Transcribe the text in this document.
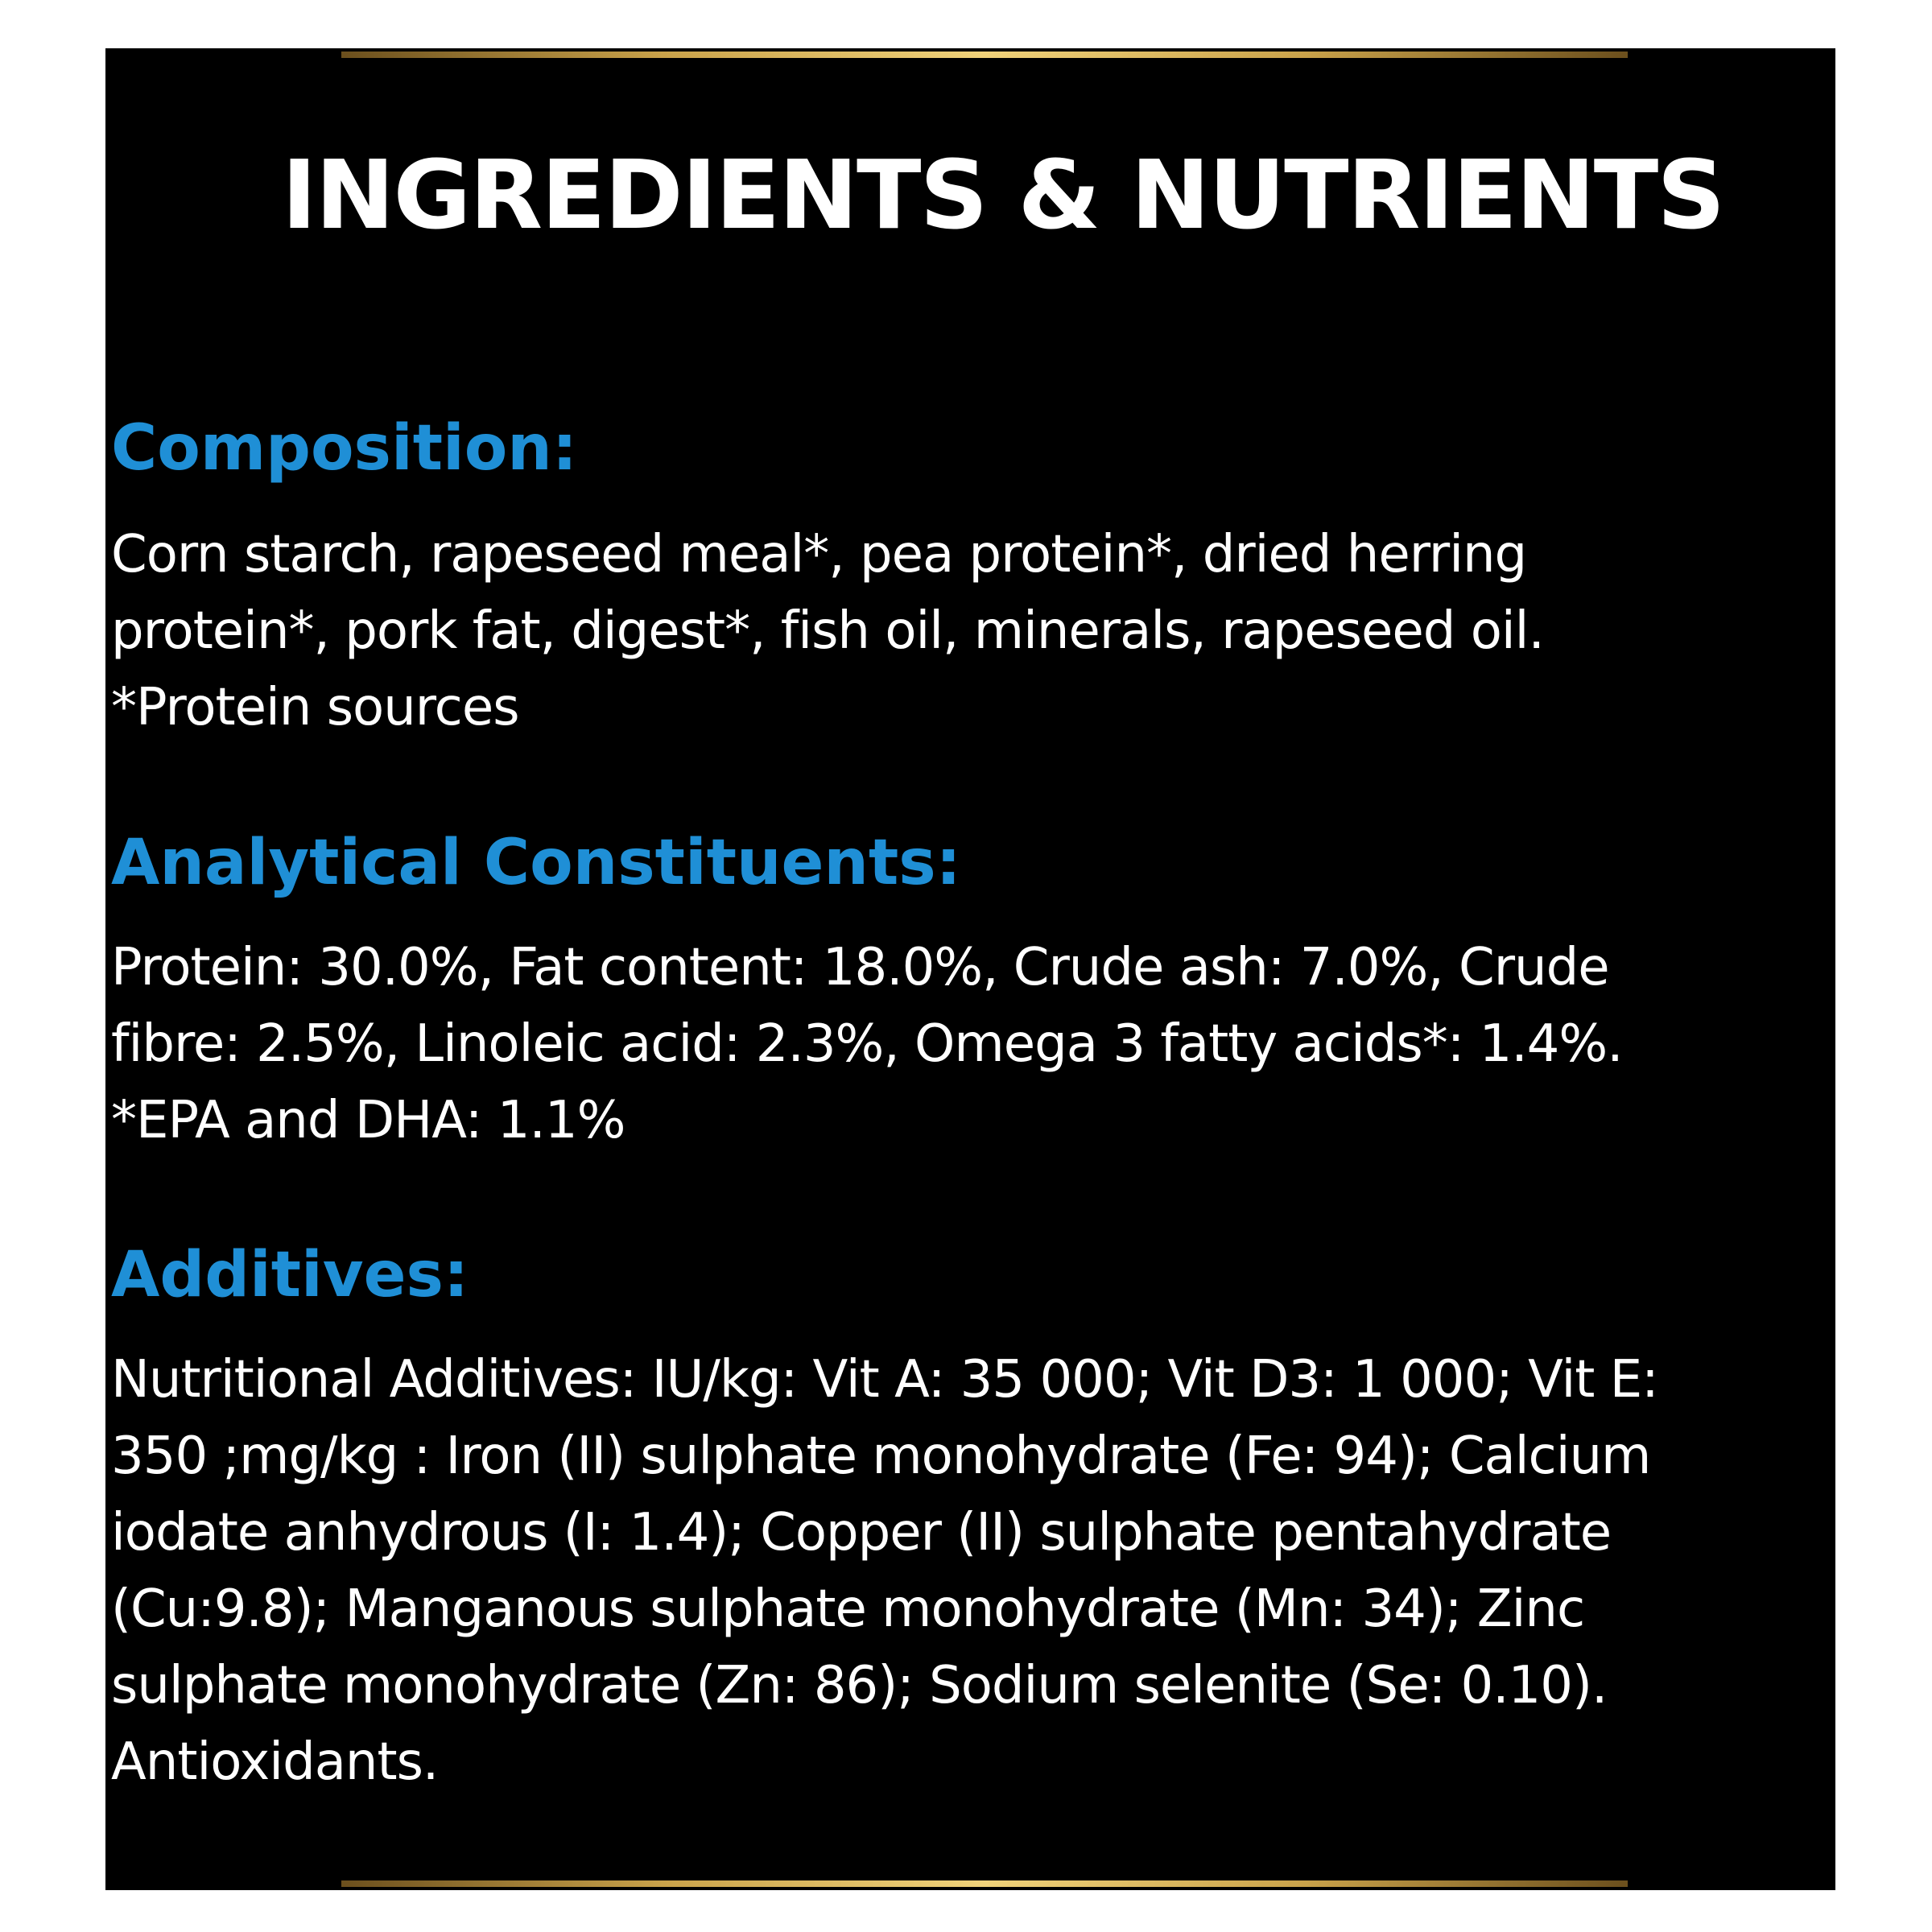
INGREDIENTS & NUTRIENTS
Composition:
Corn starch, rapeseed meal*, pea protein*, dried herring
protein*, pork fat, digest*, fish oil, minerals, rapeseed oil.
*Protein sources
Analytical Constituents:
Protein: 30.0%, Fat content: 18.0%, Crude ash: 7.0%, Crude
fibre: 2.5%, Linoleic acid: 2.3%, Omega 3 fatty acids*: 1.4%.
*EPA and DHA: 1.1%
Additives:
Nutritional Additives: IU/kg: Vit A: 35 000; Vit D3: 1 000; Vit E:
350 ;mg/kg : Iron (II) sulphate monohydrate (Fe: 94); Calcium
iodate anhydrous (I: 1.4); Copper (II) sulphate pentahydrate
(Cu:9.8); Manganous sulphate monohydrate (Mn: 34); Zinc
sulphate monohydrate (Zn: 86); Sodium selenite (Se: 0.10).
Antioxidants.
